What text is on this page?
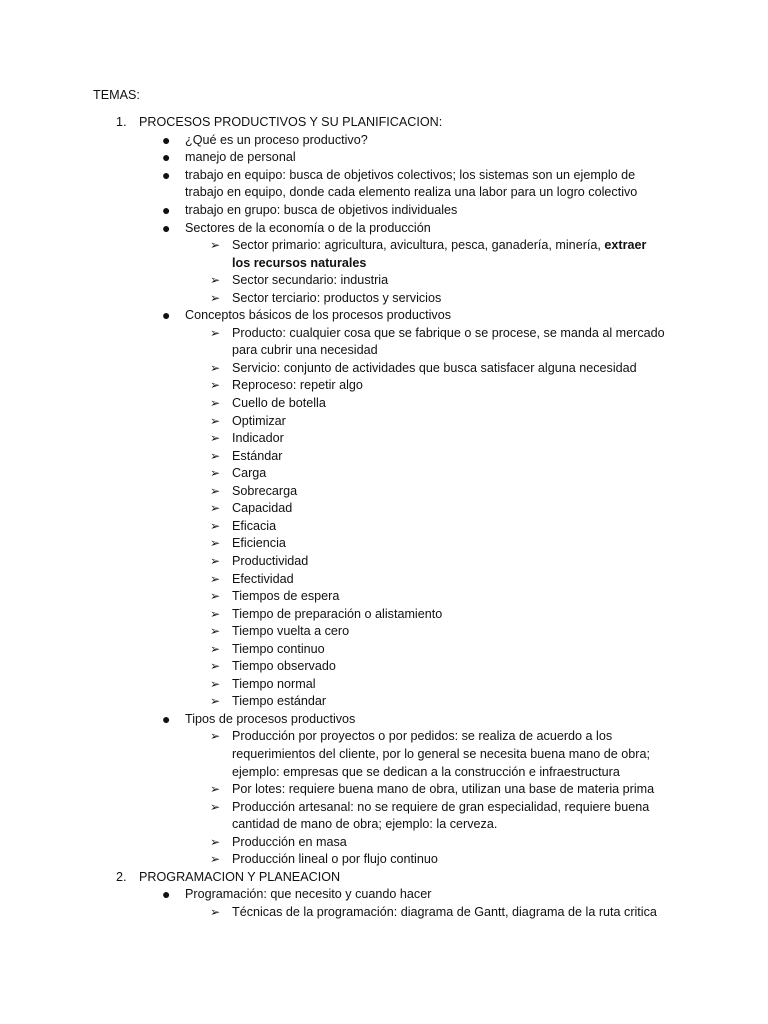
TEMAS:
1. PROCESOS PRODUCTIVOS Y SU PLANIFICACION:
● ¿Qué es un proceso productivo?
● manejo de personal
● trabajo en equipo: busca de objetivos colectivos; los sistemas son un ejemplo de
trabajo en equipo, donde cada elemento realiza una labor para un logro colectivo
● trabajo en grupo: busca de objetivos individuales
● Sectores de la economía o de la producción
➢ Sector primario: agricultura, avicultura, pesca, ganadería, minería, extraer
los recursos naturales
➢ Sector secundario: industria
➢ Sector terciario: productos y servicios
● Conceptos básicos de los procesos productivos
➢ Producto: cualquier cosa que se fabrique o se procese, se manda al mercado
para cubrir una necesidad
➢ Servicio: conjunto de actividades que busca satisfacer alguna necesidad
➢ Reproceso: repetir algo
➢ Cuello de botella
➢ Optimizar
➢ Indicador
➢ Estándar
➢ Carga
➢ Sobrecarga
➢ Capacidad
➢ Eficacia
➢ Eficiencia
➢ Productividad
➢ Efectividad
➢ Tiempos de espera
➢ Tiempo de preparación o alistamiento
➢ Tiempo vuelta a cero
➢ Tiempo continuo
➢ Tiempo observado
➢ Tiempo normal
➢ Tiempo estándar
● Tipos de procesos productivos
➢ Producción por proyectos o por pedidos: se realiza de acuerdo a los
requerimientos del cliente, por lo general se necesita buena mano de obra;
ejemplo: empresas que se dedican a la construcción e infraestructura
➢ Por lotes: requiere buena mano de obra, utilizan una base de materia prima
➢ Producción artesanal: no se requiere de gran especialidad, requiere buena
cantidad de mano de obra; ejemplo: la cerveza.
➢ Producción en masa
➢ Producción lineal o por flujo continuo
2. PROGRAMACION Y PLANEACION
● Programación: que necesito y cuando hacer
➢ Técnicas de la programación: diagrama de Gantt, diagrama de la ruta critica
